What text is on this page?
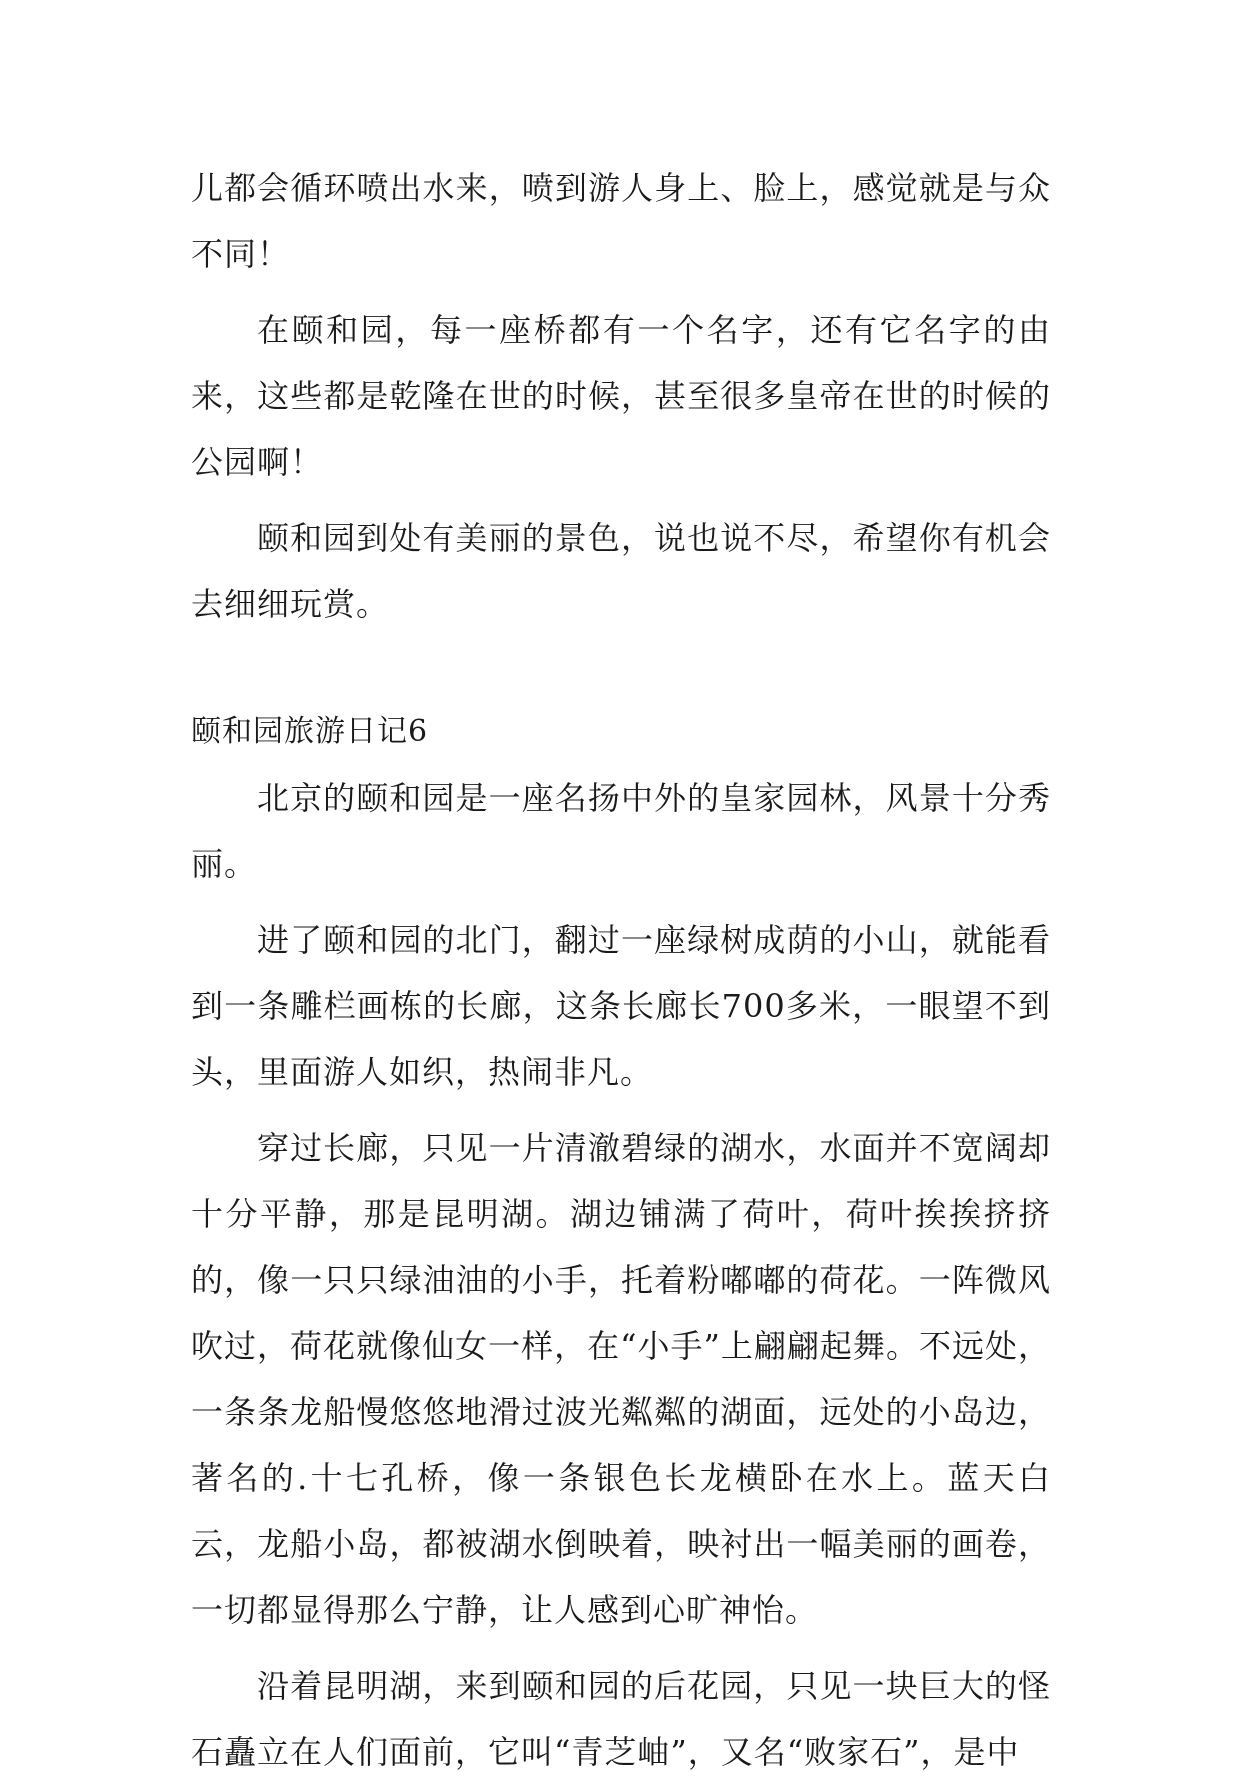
儿都会循环喷出水来，喷到游人身上、脸上，感觉就是与众不同！

在颐和园，每一座桥都有一个名字，还有它名字的由来，这些都是乾隆在世的时候，甚至很多皇帝在世的时候的公园啊！

颐和园到处有美丽的景色，说也说不尽，希望你有机会去细细玩赏。

颐和园旅游日记6

北京的颐和园是一座名扬中外的皇家园林，风景十分秀丽。

进了颐和园的北门，翻过一座绿树成荫的小山，就能看到一条雕栏画栋的长廊，这条长廊长700多米，一眼望不到头，里面游人如织，热闹非凡。

穿过长廊，只见一片清澈碧绿的湖水，水面并不宽阔却十分平静，那是昆明湖。湖边铺满了荷叶，荷叶挨挨挤挤的，像一只只绿油油的小手，托着粉嘟嘟的荷花。一阵微风吹过，荷花就像仙女一样，在“小手”上翩翩起舞。不远处，一条条龙船慢悠悠地滑过波光粼粼的湖面，远处的小岛边，著名的.十七孔桥，像一条银色长龙横卧在水上。蓝天白云，龙船小岛，都被湖水倒映着，映衬出一幅美丽的画卷，一切都显得那么宁静，让人感到心旷神怡。

沿着昆明湖，来到颐和园的后花园，只见一块巨大的怪石矗立在人们面前，它叫“青芝岫”，又名“败家石”，是中
